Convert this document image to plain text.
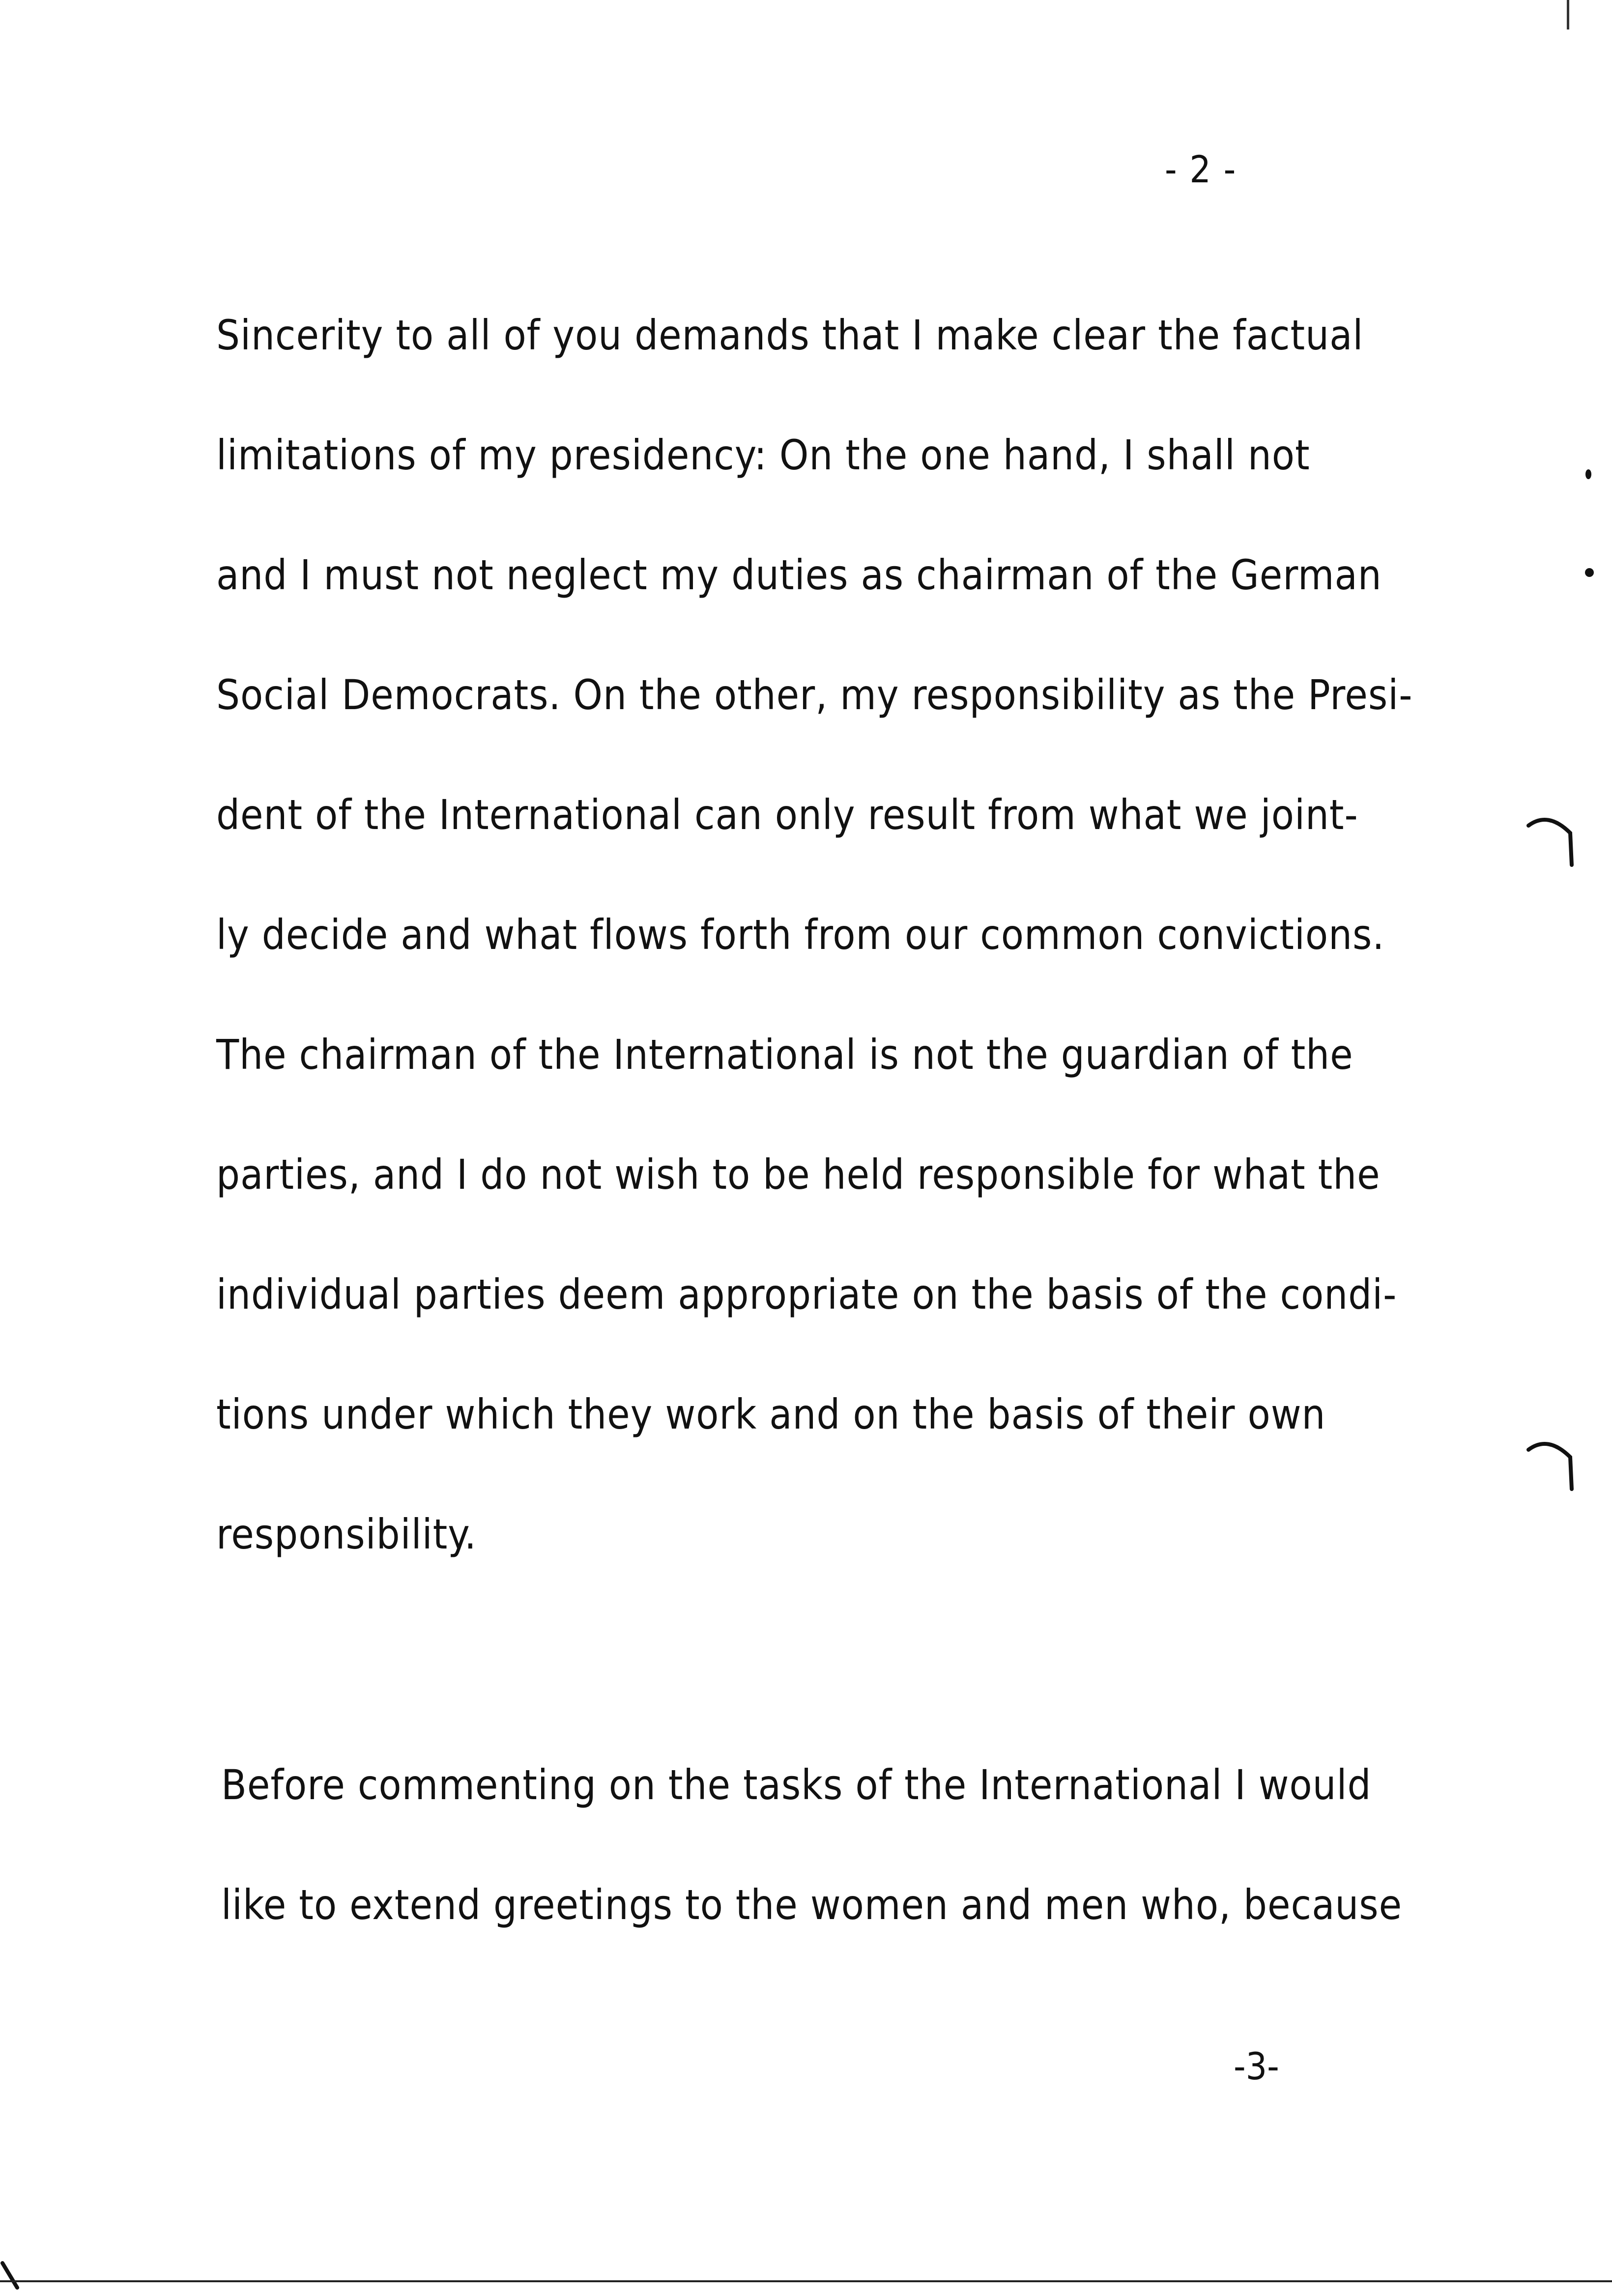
- 2 -
Sincerity to all of you demands that I make clear the factual
limitations of my presidency: On the one hand, I shall not
and I must not neglect my duties as chairman of the German
Social Democrats. On the other, my responsibility as the Presi-
dent of the International can only result from what we joint-
ly decide and what flows forth from our common convictions.
The chairman of the International is not the guardian of the
parties, and I do not wish to be held responsible for what the
individual parties deem appropriate on the basis of the condi-
tions under which they work and on the basis of their own
responsibility.
Before commenting on the tasks of the International I would
like to extend greetings to the women and men who, because
-3-
